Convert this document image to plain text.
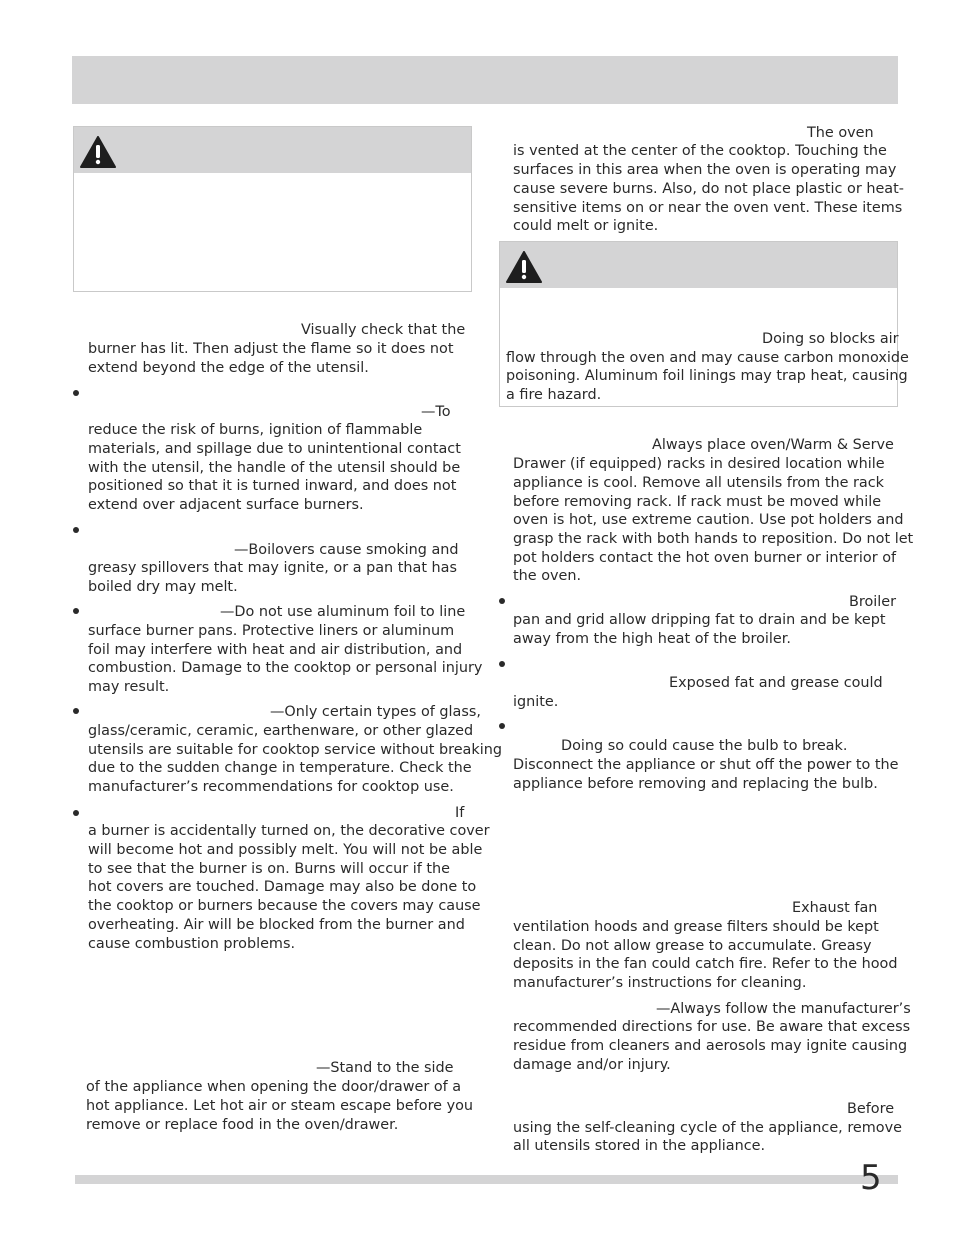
Visually check that the
burner has lit. Then adjust the flame so it does not
extend beyond the edge of the utensil.
—To
reduce the risk of burns, ignition of flammable
materials, and spillage due to unintentional contact
with the utensil, the handle of the utensil should be
positioned so that it is turned inward, and does not
extend over adjacent surface burners.
—Boilovers cause smoking and
greasy spillovers that may ignite, or a pan that has
boiled dry may melt.
—Do not use aluminum foil to line
surface burner pans. Protective liners or aluminum
foil may interfere with heat and air distribution, and
combustion. Damage to the cooktop or personal injury
may result.
—Only certain types of glass,
glass/ceramic, ceramic, earthenware, or other glazed
utensils are suitable for cooktop service without breaking
due to the sudden change in temperature. Check the
manufacturer’s recommendations for cooktop use.
If
a burner is accidentally turned on, the decorative cover
will become hot and possibly melt. You will not be able
to see that the burner is on. Burns will occur if the
hot covers are touched. Damage may also be done to
the cooktop or burners because the covers may cause
overheating. Air will be blocked from the burner and
cause combustion problems.
—Stand to the side
of the appliance when opening the door/drawer of a
hot appliance. Let hot air or steam escape before you
remove or replace food in the oven/drawer.
The oven
is vented at the center of the cooktop. Touching the
surfaces in this area when the oven is operating may
cause severe burns. Also, do not place plastic or heat-
sensitive items on or near the oven vent. These items
could melt or ignite.
Doing so blocks air
flow through the oven and may cause carbon monoxide
poisoning. Aluminum foil linings may trap heat, causing
a fire hazard.
Always place oven/Warm & Serve
Drawer (if equipped) racks in desired location while
appliance is cool. Remove all utensils from the rack
before removing rack. If rack must be moved while
oven is hot, use extreme caution. Use pot holders and
grasp the rack with both hands to reposition. Do not let
pot holders contact the hot oven burner or interior of
the oven.
Broiler
pan and grid allow dripping fat to drain and be kept
away from the high heat of the broiler.
Exposed fat and grease could
ignite.
Doing so could cause the bulb to break.
Disconnect the appliance or shut off the power to the
appliance before removing and replacing the bulb.
Exhaust fan
ventilation hoods and grease filters should be kept
clean. Do not allow grease to accumulate. Greasy
deposits in the fan could catch fire. Refer to the hood
manufacturer’s instructions for cleaning.
—Always follow the manufacturer’s
recommended directions for use. Be aware that excess
residue from cleaners and aerosols may ignite causing
damage and/or injury.
Before
using the self-cleaning cycle of the appliance, remove
all utensils stored in the appliance.
5
